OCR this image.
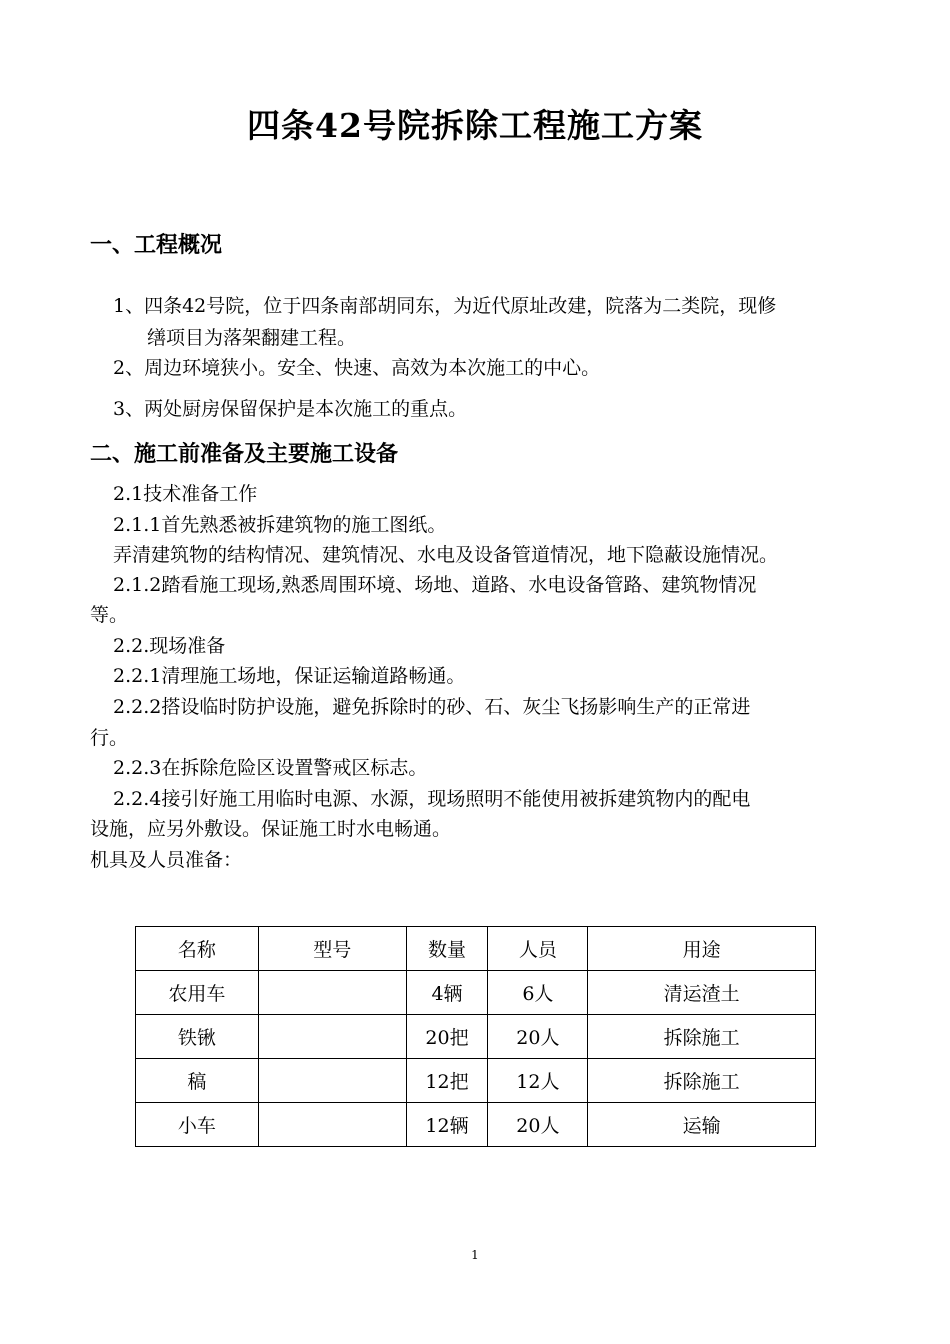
四条42号院拆除工程施工方案
一、工程概况

1、四条42号院，位于四条南部胡同东，为近代原址改建，院落为二类院，现修

缮项目为落架翻建工程。

2、周边环境狭小。安全、快速、高效为本次施工的中心。

3、两处厨房保留保护是本次施工的重点。

二、施工前准备及主要施工设备

2.1技术准备工作

2.1.1首先熟悉被拆建筑物的施工图纸。

弄清建筑物的结构情况、建筑情况、水电及设备管道情况，地下隐蔽设施情况。

2.1.2踏看施工现场,熟悉周围环境、场地、道路、水电设备管路、建筑物情况

等。

2.2.现场准备

2.2.1清理施工场地，保证运输道路畅通。

2.2.2搭设临时防护设施，避免拆除时的砂、石、灰尘飞扬影响生产的正常进

行。

2.2.3在拆除危险区设置警戒区标志。

2.2.4接引好施工用临时电源、水源，现场照明不能使用被拆建筑物内的配电

设施，应另外敷设。保证施工时水电畅通。

机具及人员准备：

名称	型号	数量	人员	用途
农用车		4辆	6人	清运渣土
铁锹		20把	20人	拆除施工
稿		12把	12人	拆除施工
小车		12辆	20人	运输
1
